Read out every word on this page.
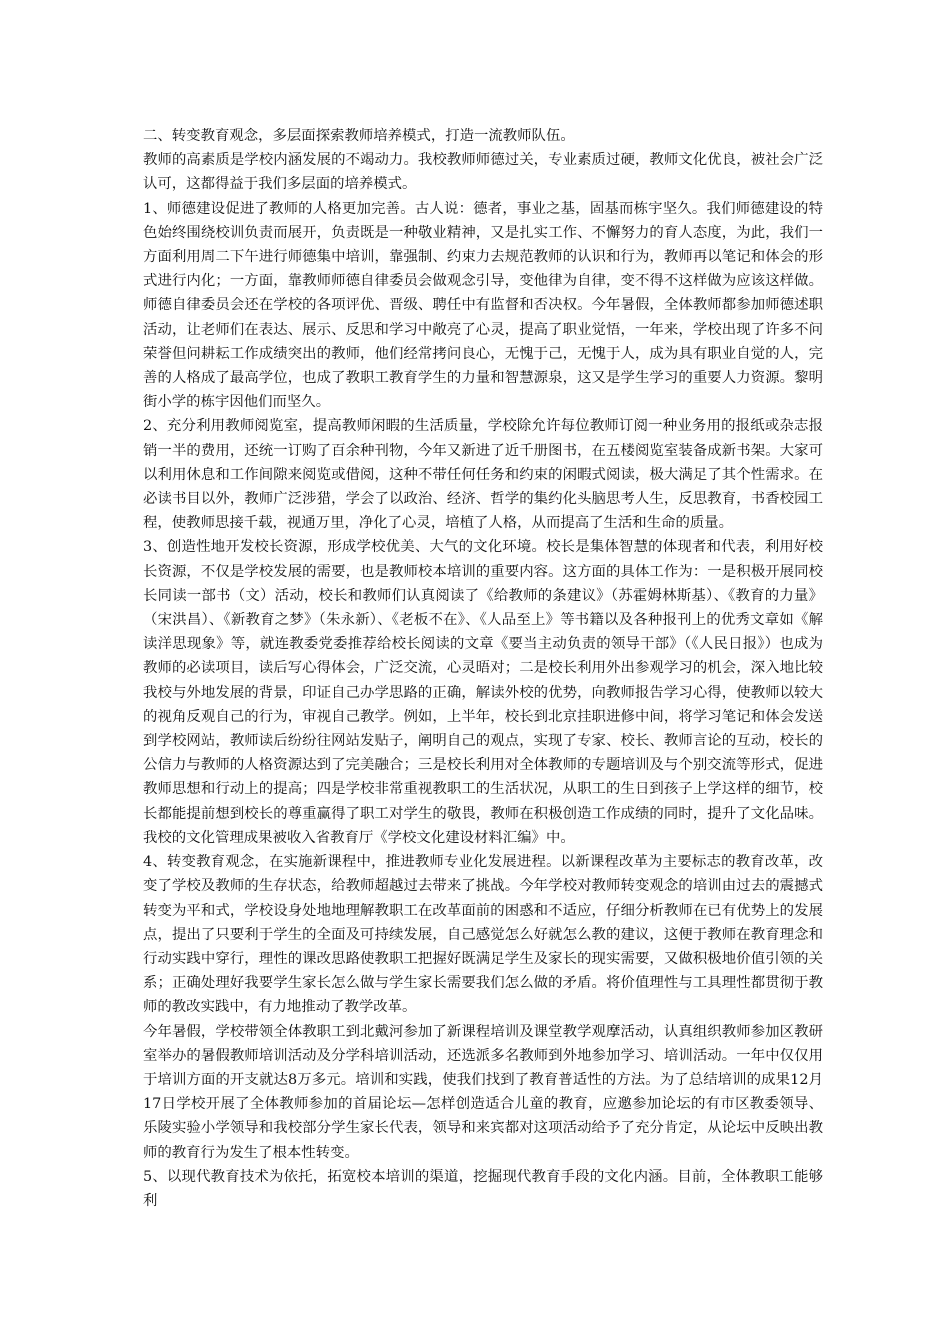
二、转变教育观念，多层面探索教师培养模式，打造一流教师队伍。

教师的高素质是学校内涵发展的不竭动力。我校教师师德过关，专业素质过硬，教师文化优良，被社会广泛认可，这都得益于我们多层面的培养模式。

1、师德建设促进了教师的人格更加完善。古人说：德者，事业之基，固基而栋宇坚久。我们师德建设的特色始终围绕校训负责而展开，负责既是一种敬业精神，又是扎实工作、不懈努力的育人态度，为此，我们一方面利用周二下午进行师德集中培训，靠强制、约束力去规范教师的认识和行为，教师再以笔记和体会的形式进行内化；一方面，靠教师师德自律委员会做观念引导，变他律为自律，变不得不这样做为应该这样做。师德自律委员会还在学校的各项评优、晋级、聘任中有监督和否决权。今年暑假，全体教师都参加师德述职活动，让老师们在表达、展示、反思和学习中敞亮了心灵，提高了职业觉悟，一年来，学校出现了许多不问荣誉但问耕耘工作成绩突出的教师，他们经常拷问良心，无愧于己，无愧于人，成为具有职业自觉的人，完善的人格成了最高学位，也成了教职工教育学生的力量和智慧源泉，这又是学生学习的重要人力资源。黎明街小学的栋宇因他们而坚久。

2、充分利用教师阅览室，提高教师闲暇的生活质量，学校除允许每位教师订阅一种业务用的报纸或杂志报销一半的费用，还统一订购了百余种刊物，今年又新进了近千册图书，在五楼阅览室装备成新书架。大家可以利用休息和工作间隙来阅览或借阅，这种不带任何任务和约束的闲暇式阅读，极大满足了其个性需求。在必读书目以外，教师广泛涉猎，学会了以政治、经济、哲学的集约化头脑思考人生，反思教育，书香校园工程，使教师思接千载，视通万里，净化了心灵，培植了人格，从而提高了生活和生命的质量。

3、创造性地开发校长资源，形成学校优美、大气的文化环境。校长是集体智慧的体现者和代表，利用好校长资源，不仅是学校发展的需要，也是教师校本培训的重要内容。这方面的具体工作为：一是积极开展同校长同读一部书（文）活动，校长和教师们认真阅读了《给教师的条建议》（苏霍姆林斯基）、《教育的力量》（宋洪昌）、《新教育之梦》（朱永新）、《老板不在》、《人品至上》等书籍以及各种报刊上的优秀文章如《解读洋思现象》等，就连教委党委推荐给校长阅读的文章《要当主动负责的领导干部》（《人民日报》）也成为教师的必读项目，读后写心得体会，广泛交流，心灵晤对；二是校长利用外出参观学习的机会，深入地比较我校与外地发展的背景，印证自己办学思路的正确，解读外校的优势，向教师报告学习心得，使教师以较大的视角反观自己的行为，审视自己教学。例如，上半年，校长到北京挂职进修中间，将学习笔记和体会发送到学校网站，教师读后纷纷往网站发贴子，阐明自己的观点，实现了专家、校长、教师言论的互动，校长的公信力与教师的人格资源达到了完美融合；三是校长利用对全体教师的专题培训及与个别交流等形式，促进教师思想和行动上的提高；四是学校非常重视教职工的生活状况，从职工的生日到孩子上学这样的细节，校长都能提前想到校长的尊重赢得了职工对学生的敬畏，教师在积极创造工作成绩的同时，提升了文化品味。我校的文化管理成果被收入省教育厅《学校文化建设材料汇编》中。

4、转变教育观念，在实施新课程中，推进教师专业化发展进程。以新课程改革为主要标志的教育改革，改变了学校及教师的生存状态，给教师超越过去带来了挑战。今年学校对教师转变观念的培训由过去的震撼式转变为平和式，学校设身处地地理解教职工在改革面前的困惑和不适应，仔细分析教师在已有优势上的发展点，提出了只要利于学生的全面及可持续发展，自己感觉怎么好就怎么教的建议，这便于教师在教育理念和行动实践中穿行，理性的课改思路使教职工把握好既满足学生及家长的现实需要，又做积极地价值引领的关系；正确处理好我要学生家长怎么做与学生家长需要我们怎么做的矛盾。将价值理性与工具理性都贯彻于教师的教改实践中，有力地推动了教学改革。

今年暑假，学校带领全体教职工到北戴河参加了新课程培训及课堂教学观摩活动，认真组织教师参加区教研室举办的暑假教师培训活动及分学科培训活动，还选派多名教师到外地参加学习、培训活动。一年中仅仅用于培训方面的开支就达8万多元。培训和实践，使我们找到了教育普适性的方法。为了总结培训的成果12月17日学校开展了全体教师参加的首届论坛—怎样创造适合儿童的教育，应邀参加论坛的有市区教委领导、乐陵实验小学领导和我校部分学生家长代表，领导和来宾都对这项活动给予了充分肯定，从论坛中反映出教师的教育行为发生了根本性转变。

5、以现代教育技术为依托，拓宽校本培训的渠道，挖掘现代教育手段的文化内涵。目前，全体教职工能够利
